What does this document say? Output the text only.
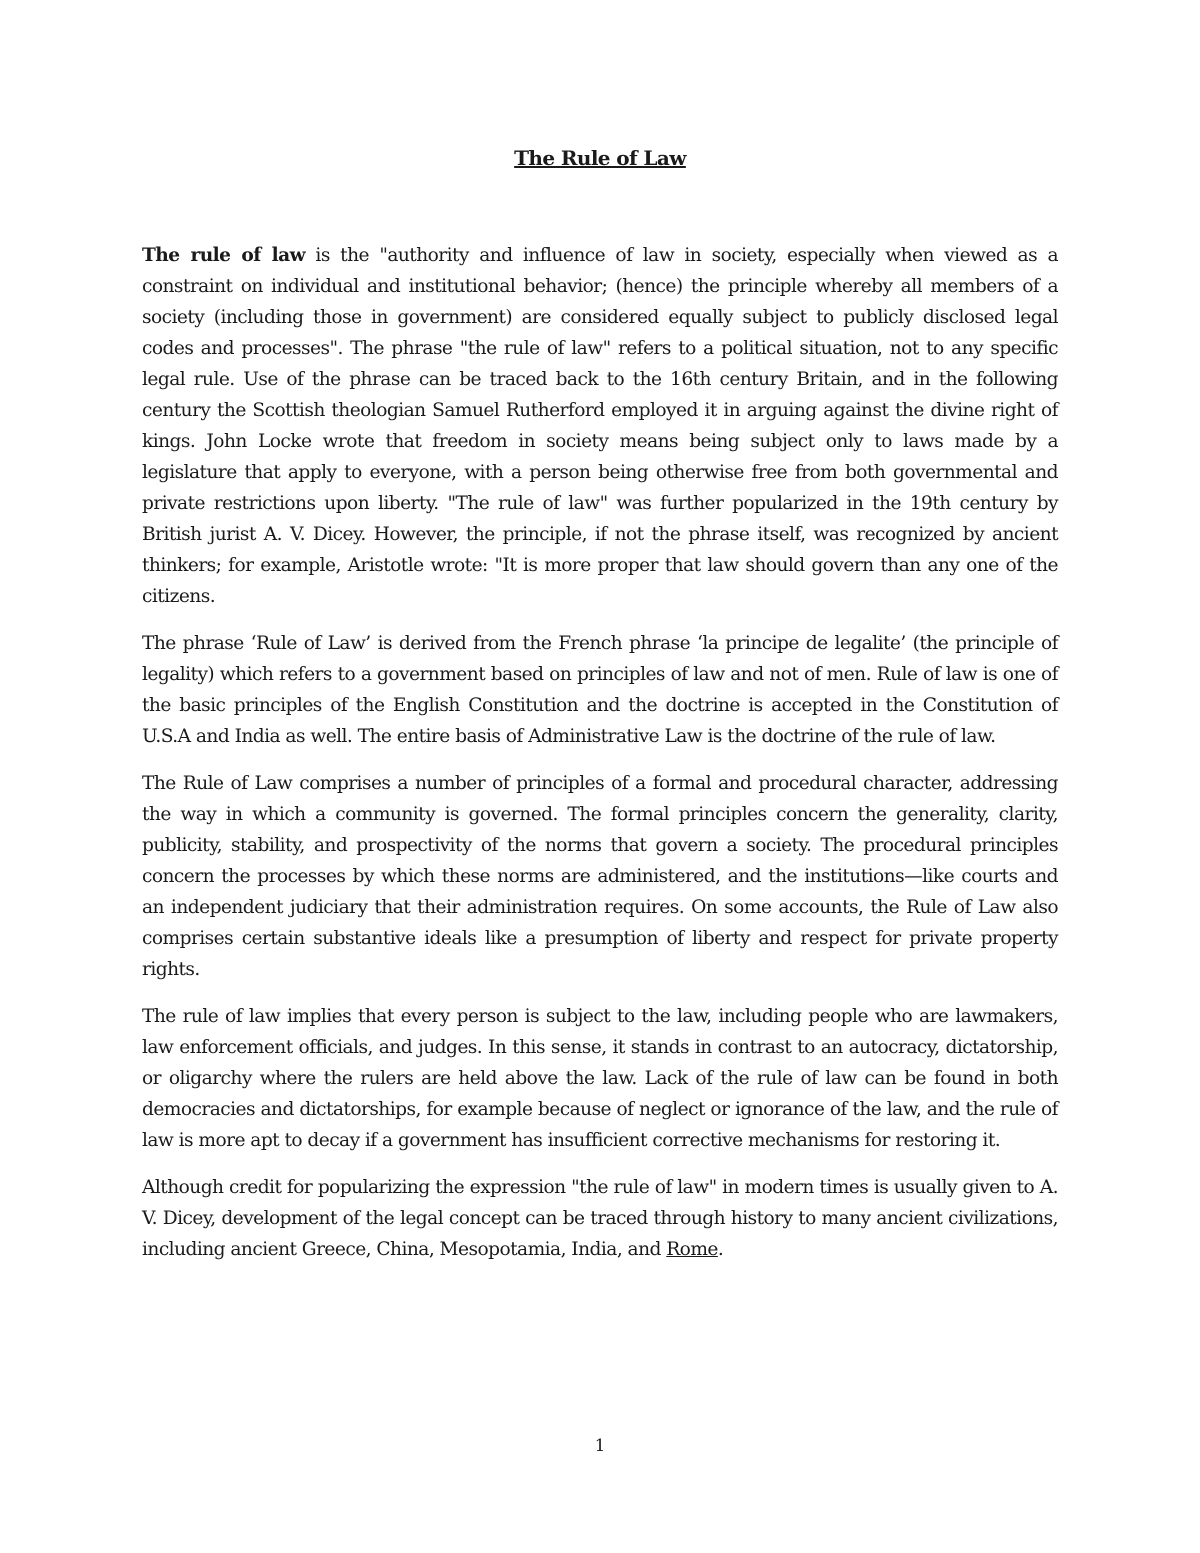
The Rule of Law

The rule of law is the "authority and influence of law in society, especially when viewed as a constraint on individual and institutional behavior; (hence) the principle whereby all members of a society (including those in government) are considered equally subject to publicly disclosed legal codes and processes". The phrase "the rule of law" refers to a political situation, not to any specific legal rule. Use of the phrase can be traced back to the 16th century Britain, and in the following century the Scottish theologian Samuel Rutherford employed it in arguing against the divine right of kings. John Locke wrote that freedom in society means being subject only to laws made by a legislature that apply to everyone, with a person being otherwise free from both governmental and private restrictions upon liberty. "The rule of law" was further popularized in the 19th century by British jurist A. V. Dicey. However, the principle, if not the phrase itself, was recognized by ancient thinkers; for example, Aristotle wrote: "It is more proper that law should govern than any one of the citizens.

The phrase ‘Rule of Law’ is derived from the French phrase ‘la principe de legalite’ (the principle of legality) which refers to a government based on principles of law and not of men. Rule of law is one of the basic principles of the English Constitution and the doctrine is accepted in the Constitution of U.S.A and India as well. The entire basis of Administrative Law is the doctrine of the rule of law.

The Rule of Law comprises a number of principles of a formal and procedural character, addressing the way in which a community is governed. The formal principles concern the generality, clarity, publicity, stability, and prospectivity of the norms that govern a society. The procedural principles concern the processes by which these norms are administered, and the institutions—like courts and an independent judiciary that their administration requires. On some accounts, the Rule of Law also comprises certain substantive ideals like a presumption of liberty and respect for private property rights.

The rule of law implies that every person is subject to the law, including people who are lawmakers, law enforcement officials, and judges. In this sense, it stands in contrast to an autocracy, dictatorship, or oligarchy where the rulers are held above the law. Lack of the rule of law can be found in both democracies and dictatorships, for example because of neglect or ignorance of the law, and the rule of law is more apt to decay if a government has insufficient corrective mechanisms for restoring it.

Although credit for popularizing the expression "the rule of law" in modern times is usually given to A. V. Dicey, development of the legal concept can be traced through history to many ancient civilizations, including ancient Greece, China, Mesopotamia, India, and Rome.

1
